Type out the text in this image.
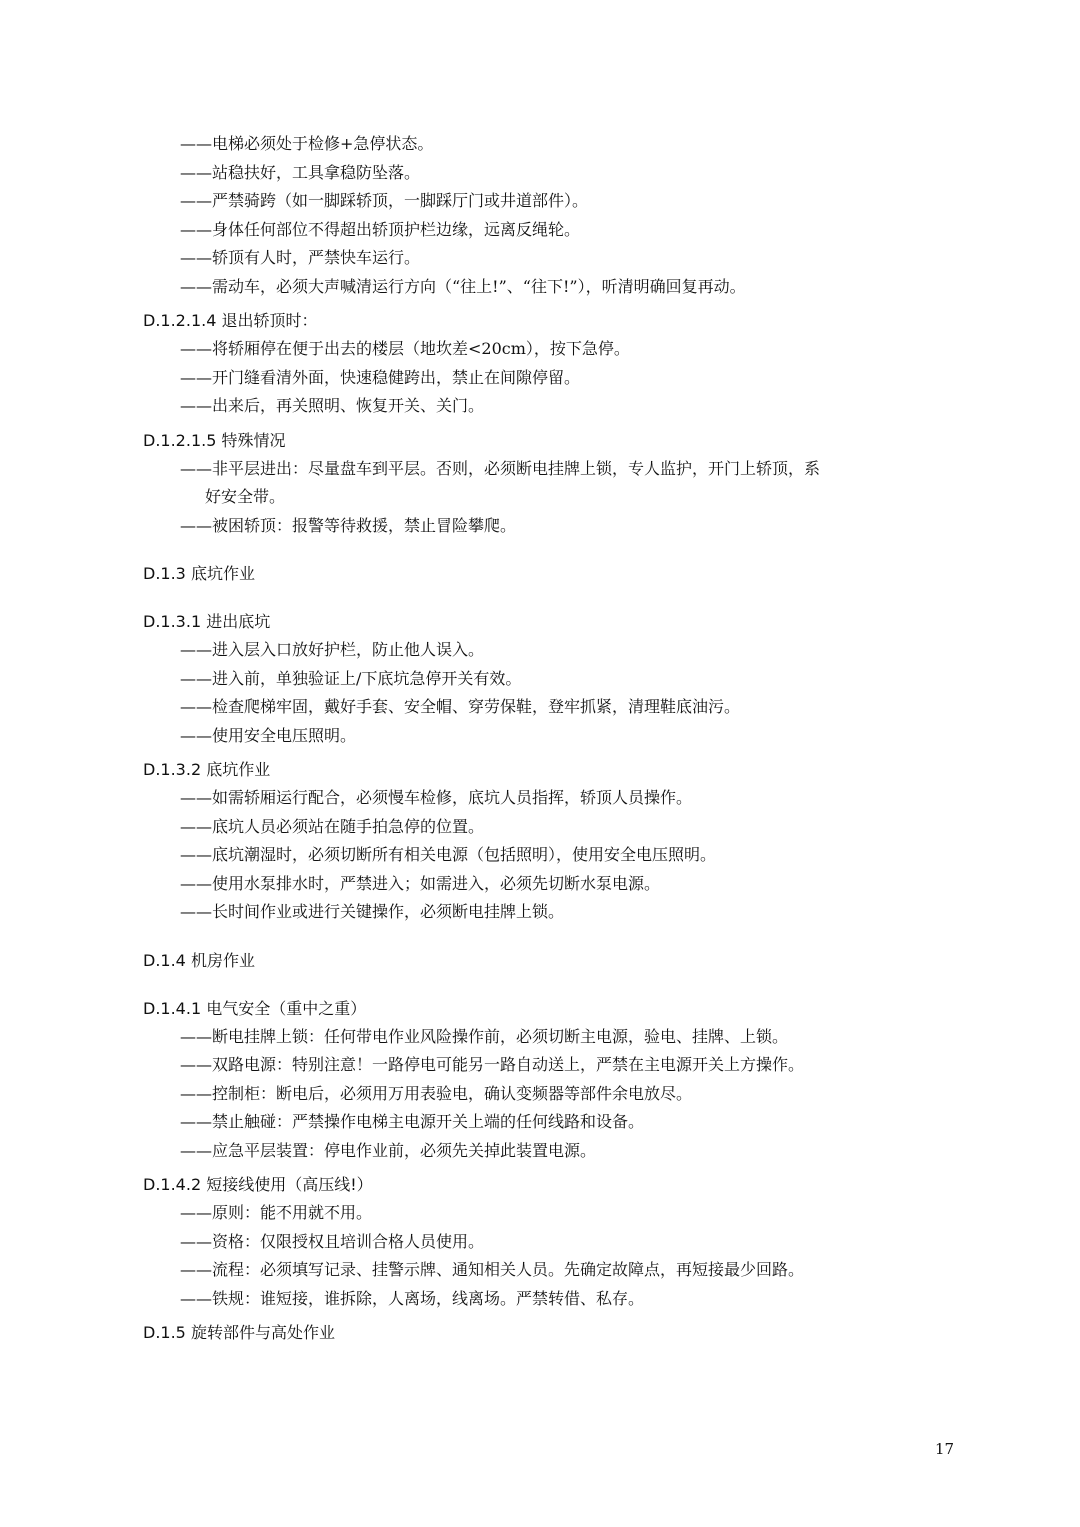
——电梯必须处于检修+急停状态。
——站稳扶好，工具拿稳防坠落。
——严禁骑跨（如一脚踩轿顶，一脚踩厅门或井道部件）。
——身体任何部位不得超出轿顶护栏边缘，远离反绳轮。
——轿顶有人时，严禁快车运行。
——需动车，必须大声喊清运行方向（“往上!”、“往下!”），听清明确回复再动。
D.1.2.1.4 退出轿顶时：
——将轿厢停在便于出去的楼层（地坎差<20cm），按下急停。
——开门缝看清外面，快速稳健跨出，禁止在间隙停留。
——出来后，再关照明、恢复开关、关门。
D.1.2.1.5 特殊情况
——非平层进出：尽量盘车到平层。否则，必须断电挂牌上锁，专人监护，开门上轿顶，系
好安全带。
——被困轿顶：报警等待救援，禁止冒险攀爬。
D.1.3 底坑作业
D.1.3.1 进出底坑
——进入层入口放好护栏，防止他人误入。
——进入前，单独验证上/下底坑急停开关有效。
——检查爬梯牢固，戴好手套、安全帽、穿劳保鞋，登牢抓紧，清理鞋底油污。
——使用安全电压照明。
D.1.3.2 底坑作业
——如需轿厢运行配合，必须慢车检修，底坑人员指挥，轿顶人员操作。
——底坑人员必须站在随手拍急停的位置。
——底坑潮湿时，必须切断所有相关电源（包括照明），使用安全电压照明。
——使用水泵排水时，严禁进入；如需进入，必须先切断水泵电源。
——长时间作业或进行关键操作，必须断电挂牌上锁。
D.1.4 机房作业
D.1.4.1 电气安全（重中之重）
——断电挂牌上锁：任何带电作业风险操作前，必须切断主电源，验电、挂牌、上锁。
——双路电源：特别注意！一路停电可能另一路自动送上，严禁在主电源开关上方操作。
——控制柜：断电后，必须用万用表验电，确认变频器等部件余电放尽。
——禁止触碰：严禁操作电梯主电源开关上端的任何线路和设备。
——应急平层装置：停电作业前，必须先关掉此装置电源。
D.1.4.2 短接线使用（高压线!）
——原则：能不用就不用。
——资格：仅限授权且培训合格人员使用。
——流程：必须填写记录、挂警示牌、通知相关人员。先确定故障点，再短接最少回路。
——铁规：谁短接，谁拆除，人离场，线离场。严禁转借、私存。
D.1.5 旋转部件与高处作业
17
